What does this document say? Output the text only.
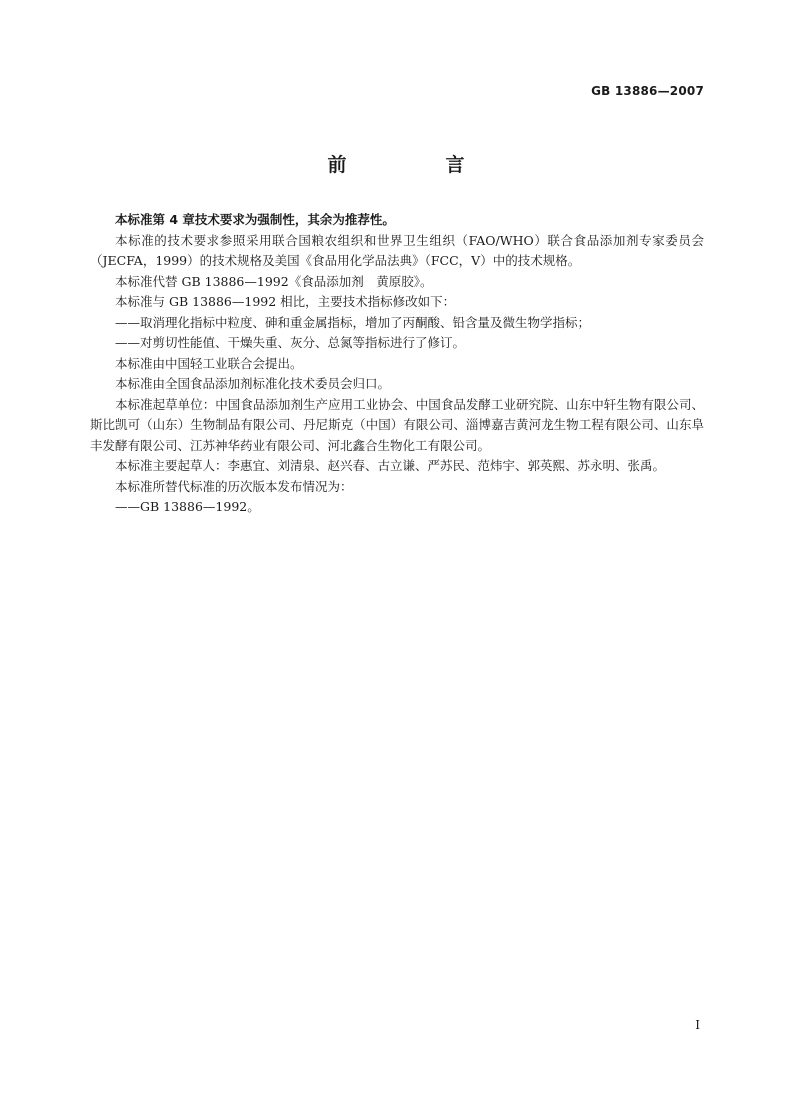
GB 13886—2007
前　言

本标准第 4 章技术要求为强制性，其余为推荐性。

本标准的技术要求参照采用联合国粮农组织和世界卫生组织（FAO/WHO）联合食品添加剂专家委员会（JECFA，1999）的技术规格及美国《食品用化学品法典》（FCC，Ⅴ）中的技术规格。

本标准代替 GB 13886—1992《食品添加剂　黄原胶》。

本标准与 GB 13886—1992 相比，主要技术指标修改如下：

——取消理化指标中粒度、砷和重金属指标，增加了丙酮酸、铅含量及微生物学指标；

——对剪切性能值、干燥失重、灰分、总氮等指标进行了修订。

本标准由中国轻工业联合会提出。

本标准由全国食品添加剂标准化技术委员会归口。

本标准起草单位：中国食品添加剂生产应用工业协会、中国食品发酵工业研究院、山东中轩生物有限公司、斯比凯可（山东）生物制品有限公司、丹尼斯克（中国）有限公司、淄博嘉吉黄河龙生物工程有限公司、山东阜丰发酵有限公司、江苏神华药业有限公司、河北鑫合生物化工有限公司。

本标准主要起草人：李惠宜、刘清泉、赵兴春、古立谦、严苏民、范炜宇、郭英熙、苏永明、张禹。

本标准所替代标准的历次版本发布情况为：

——GB 13886—1992。

Ⅰ
